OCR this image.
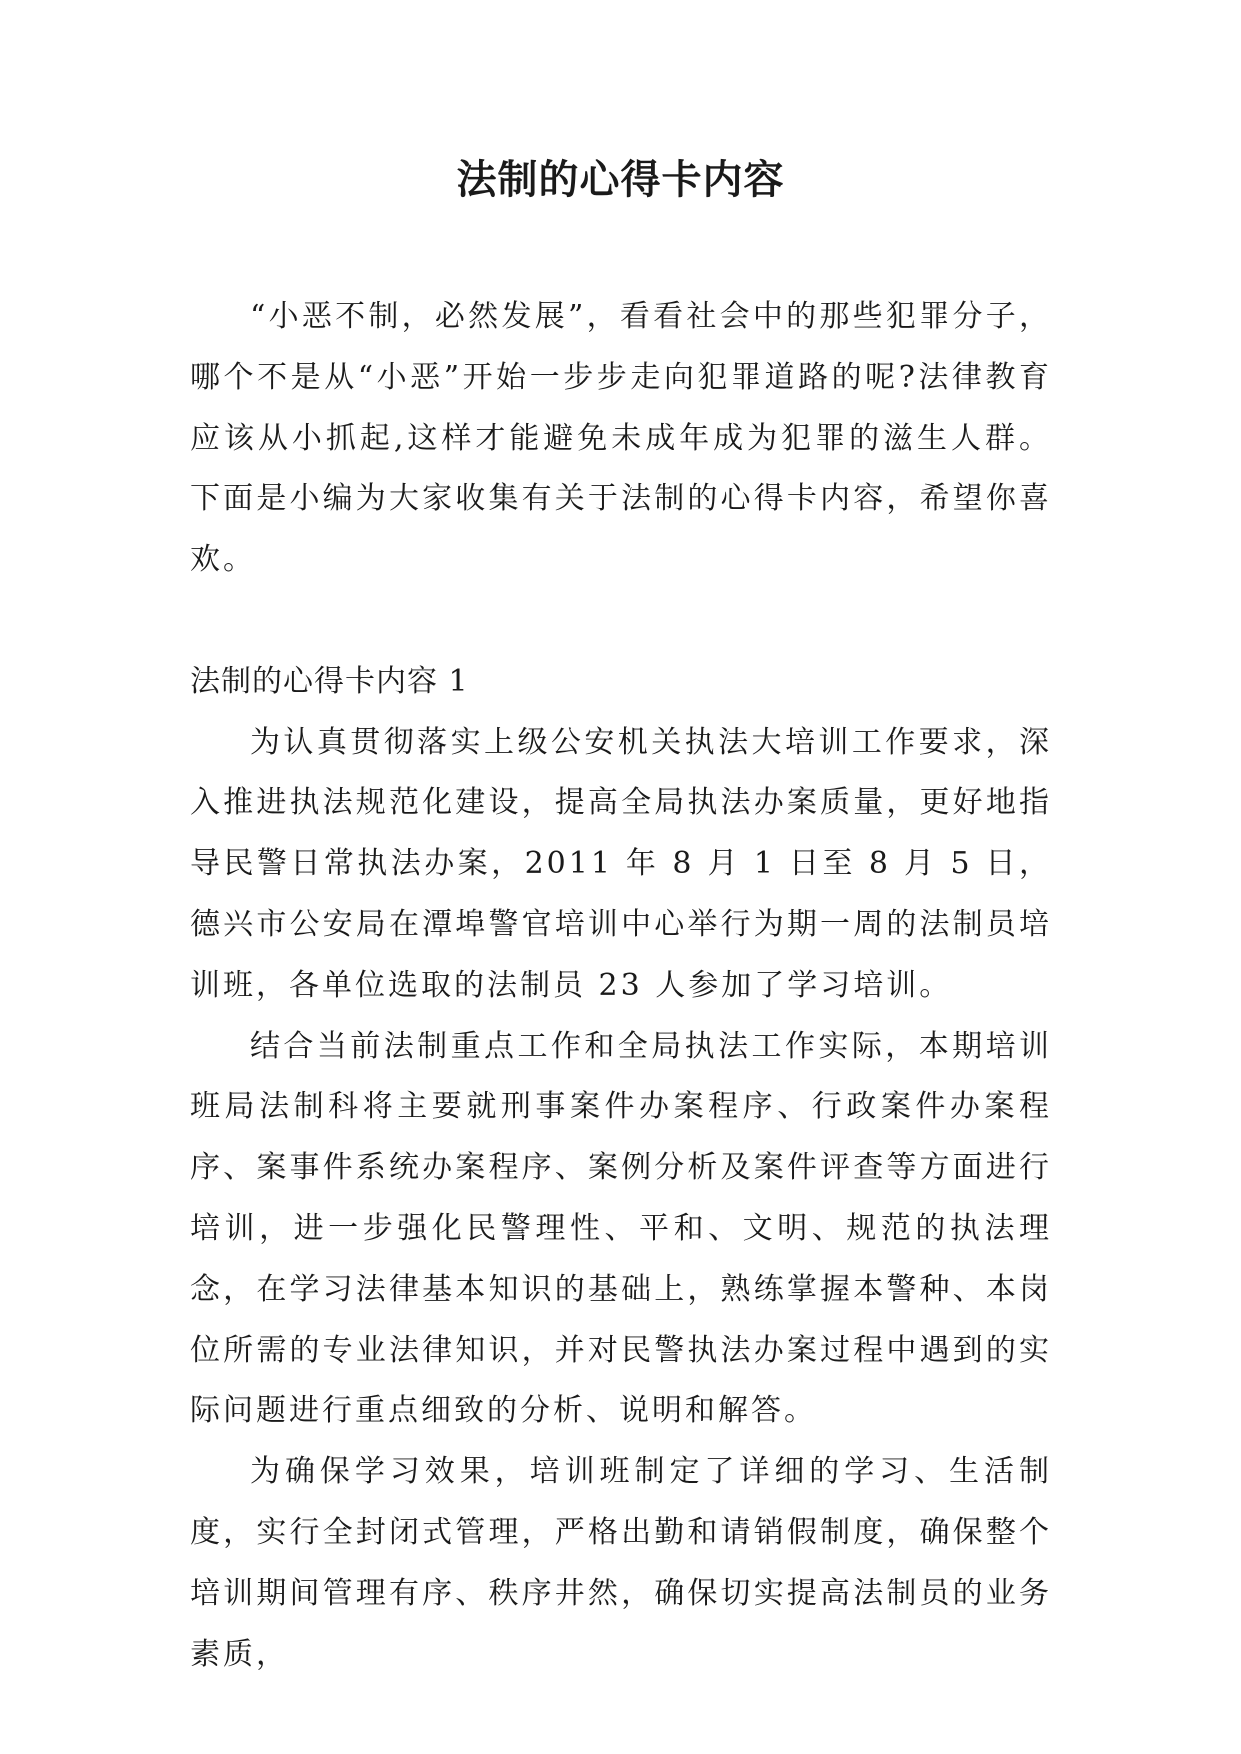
法制的心得卡内容

“小恶不制，必然发展”，看看社会中的那些犯罪分子，哪个不是从“小恶”开始一步步走向犯罪道路的呢?法律教育应该从小抓起,这样才能避免未成年成为犯罪的滋生人群。下面是小编为大家收集有关于法制的心得卡内容，希望你喜欢。

法制的心得卡内容 1

为认真贯彻落实上级公安机关执法大培训工作要求，深入推进执法规范化建设，提高全局执法办案质量，更好地指导民警日常执法办案，2011 年 8 月 1 日至 8 月 5 日，德兴市公安局在潭埠警官培训中心举行为期一周的法制员培训班，各单位选取的法制员 23 人参加了学习培训。

结合当前法制重点工作和全局执法工作实际，本期培训班局法制科将主要就刑事案件办案程序、行政案件办案程序、案事件系统办案程序、案例分析及案件评查等方面进行培训，进一步强化民警理性、平和、文明、规范的执法理念，在学习法律基本知识的基础上，熟练掌握本警种、本岗位所需的专业法律知识，并对民警执法办案过程中遇到的实际问题进行重点细致的分析、说明和解答。

为确保学习效果，培训班制定了详细的学习、生活制度，实行全封闭式管理，严格出勤和请销假制度，确保整个培训期间管理有序、秩序井然，确保切实提高法制员的业务素质，
